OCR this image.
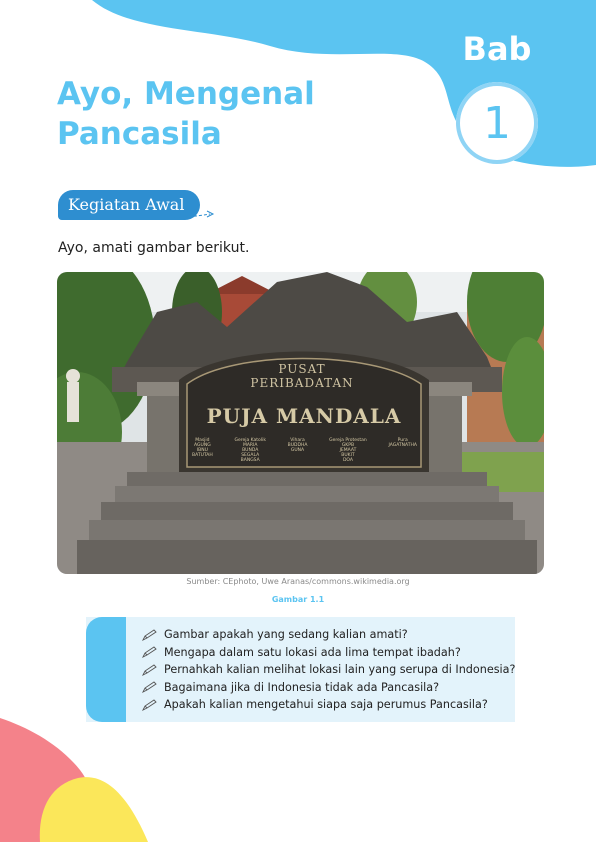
Bab
1
Ayo, Mengenal
Pancasila
Kegiatan Awal
Ayo, amati gambar berikut.
PUSAT PERIBADATAN
PUJA MANDALA
Masjid
AGUNG
IBNU
BATUTAH
Gereja Katolik
MARIA
BUNDA
SEGALA
BANGSA
Vihara
BUDDHA
GUNA
Gereja Protestan
GKPB
JEMAAT
BUKIT
DOA
Pura
JAGATNATHA
Sumber: CEphoto, Uwe Aranas/commons.wikimedia.org
Gambar 1.1
Gambar apakah yang sedang kalian amati?
Mengapa dalam satu lokasi ada lima tempat ibadah?
Pernahkah kalian melihat lokasi lain yang serupa di Indonesia?
Bagaimana jika di Indonesia tidak ada Pancasila?
Apakah kalian mengetahui siapa saja perumus Pancasila?
